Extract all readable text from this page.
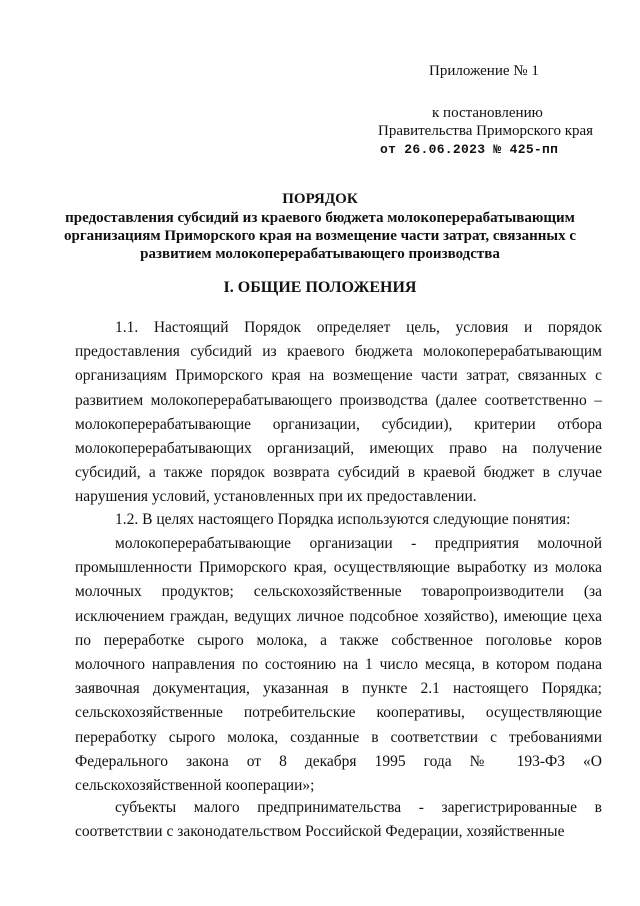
Приложение № 1
к постановлению
Правительства Приморского края
от 26.06.2023 № 425-пп
ПОРЯДОК
предоставления субсидий из краевого бюджета молокоперерабатывающим организациям Приморского края на возмещение части затрат, связанных с развитием молокоперерабатывающего производства
I. ОБЩИЕ ПОЛОЖЕНИЯ

1.1. Настоящий Порядок определяет цель, условия и порядок предоставления субсидий из краевого бюджета молокоперерабатывающим организациям Приморского края на возмещение части затрат, связанных с развитием молокоперерабатывающего производства (далее соответственно – молокоперерабатывающие организации, субсидии), критерии отбора молокоперерабатывающих организаций, имеющих право на получение субсидий, а также порядок возврата субсидий в краевой бюджет в случае нарушения условий, установленных при их предоставлении.

1.2. В целях настоящего Порядка используются следующие понятия:

молокоперерабатывающие организации - предприятия молочной промышленности Приморского края, осуществляющие выработку из молока молочных продуктов; сельскохозяйственные товаропроизводители (за исключением граждан, ведущих личное подсобное хозяйство), имеющие цеха по переработке сырого молока, а также собственное поголовье коров молочного направления по состоянию на 1 число месяца, в котором подана заявочная документация, указанная в пункте 2.1 настоящего Порядка; сельскохозяйственные потребительские кооперативы, осуществляющие переработку сырого молока, созданные в соответствии с требованиями Федерального закона от 8 декабря 1995 года № 193-ФЗ «О сельскохозяйственной кооперации»;

субъекты малого предпринимательства - зарегистрированные в соответствии с законодательством Российской Федерации, хозяйственные
